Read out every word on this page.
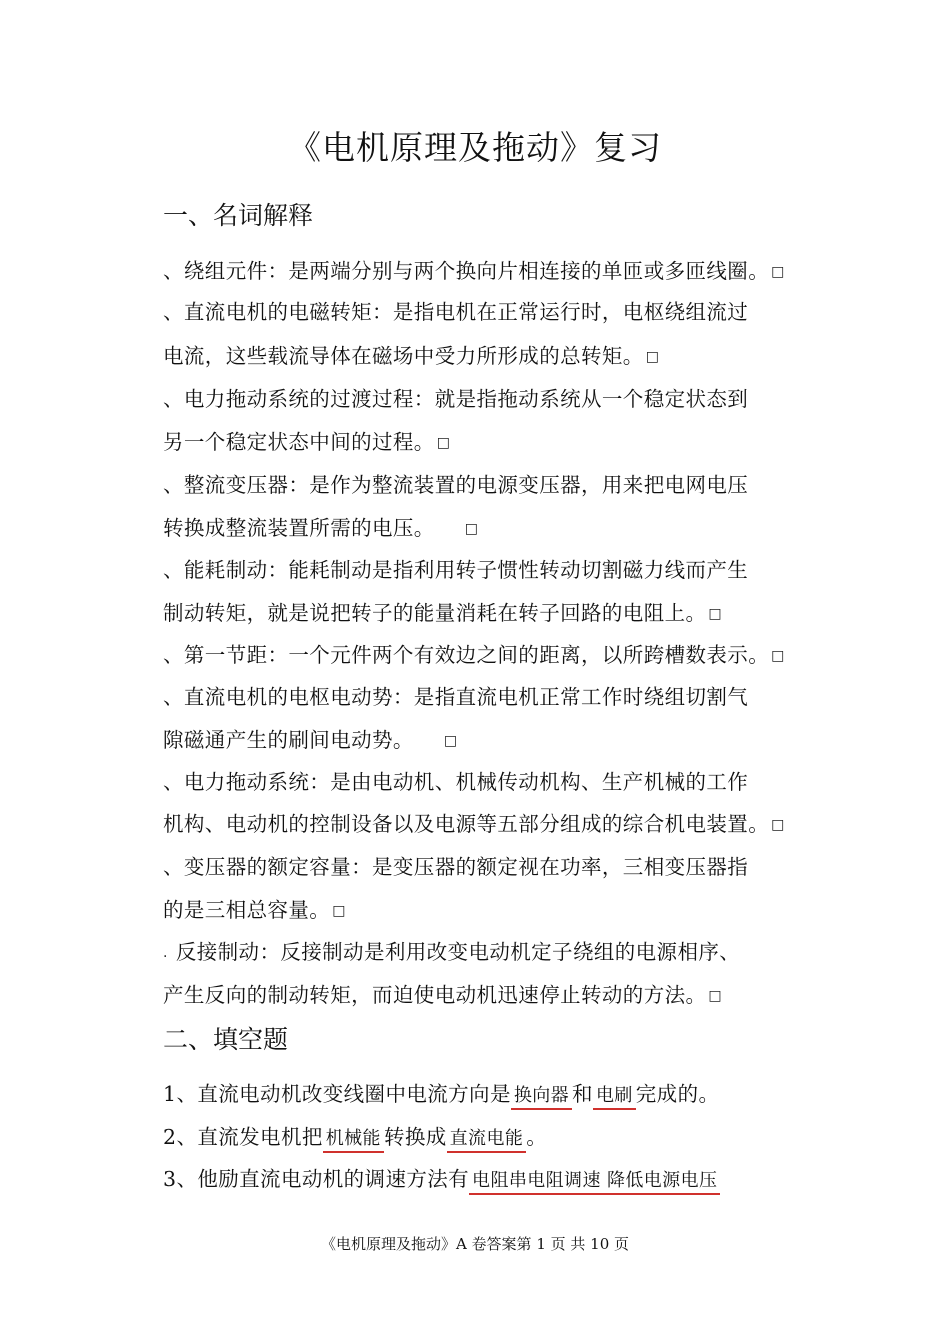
《电机原理及拖动》复习
一、名词解释
、绕组元件：是两端分别与两个换向片相连接的单匝或多匝线圈。 □
、直流电机的电磁转矩：是指电机在正常运行时，电枢绕组流过
电流，这些载流导体在磁场中受力所形成的总转矩。 □
、电力拖动系统的过渡过程：就是指拖动系统从一个稳定状态到
另一个稳定状态中间的过程。 □
、整流变压器：是作为整流装置的电源变压器，用来把电网电压
转换成整流装置所需的电压。 □
、能耗制动：能耗制动是指利用转子惯性转动切割磁力线而产生
制动转矩，就是说把转子的能量消耗在转子回路的电阻上。 □
、第一节距：一个元件两个有效边之间的距离，以所跨槽数表示。 □
、直流电机的电枢电动势：是指直流电机正常工作时绕组切割气
隙磁通产生的刷间电动势。 □
、电力拖动系统：是由电动机、机械传动机构、生产机械的工作
机构、电动机的控制设备以及电源等五部分组成的综合机电装置。 □
、变压器的额定容量：是变压器的额定视在功率，三相变压器指
的是三相总容量。 □
. 反接制动：反接制动是利用改变电动机定子绕组的电源相序、
产生反向的制动转矩，而迫使电动机迅速停止转动的方法。 □
二、填空题
1、直流电动机改变线圈中电流方向是 换向器 和电刷完成的。
2、直流发电机把机械能转换成直流电能。
3、他励直流电动机的调速方法有电阻串电阻调速 降低电源电压
《电机原理及拖动》A 卷答案第 1 页 共 10 页
